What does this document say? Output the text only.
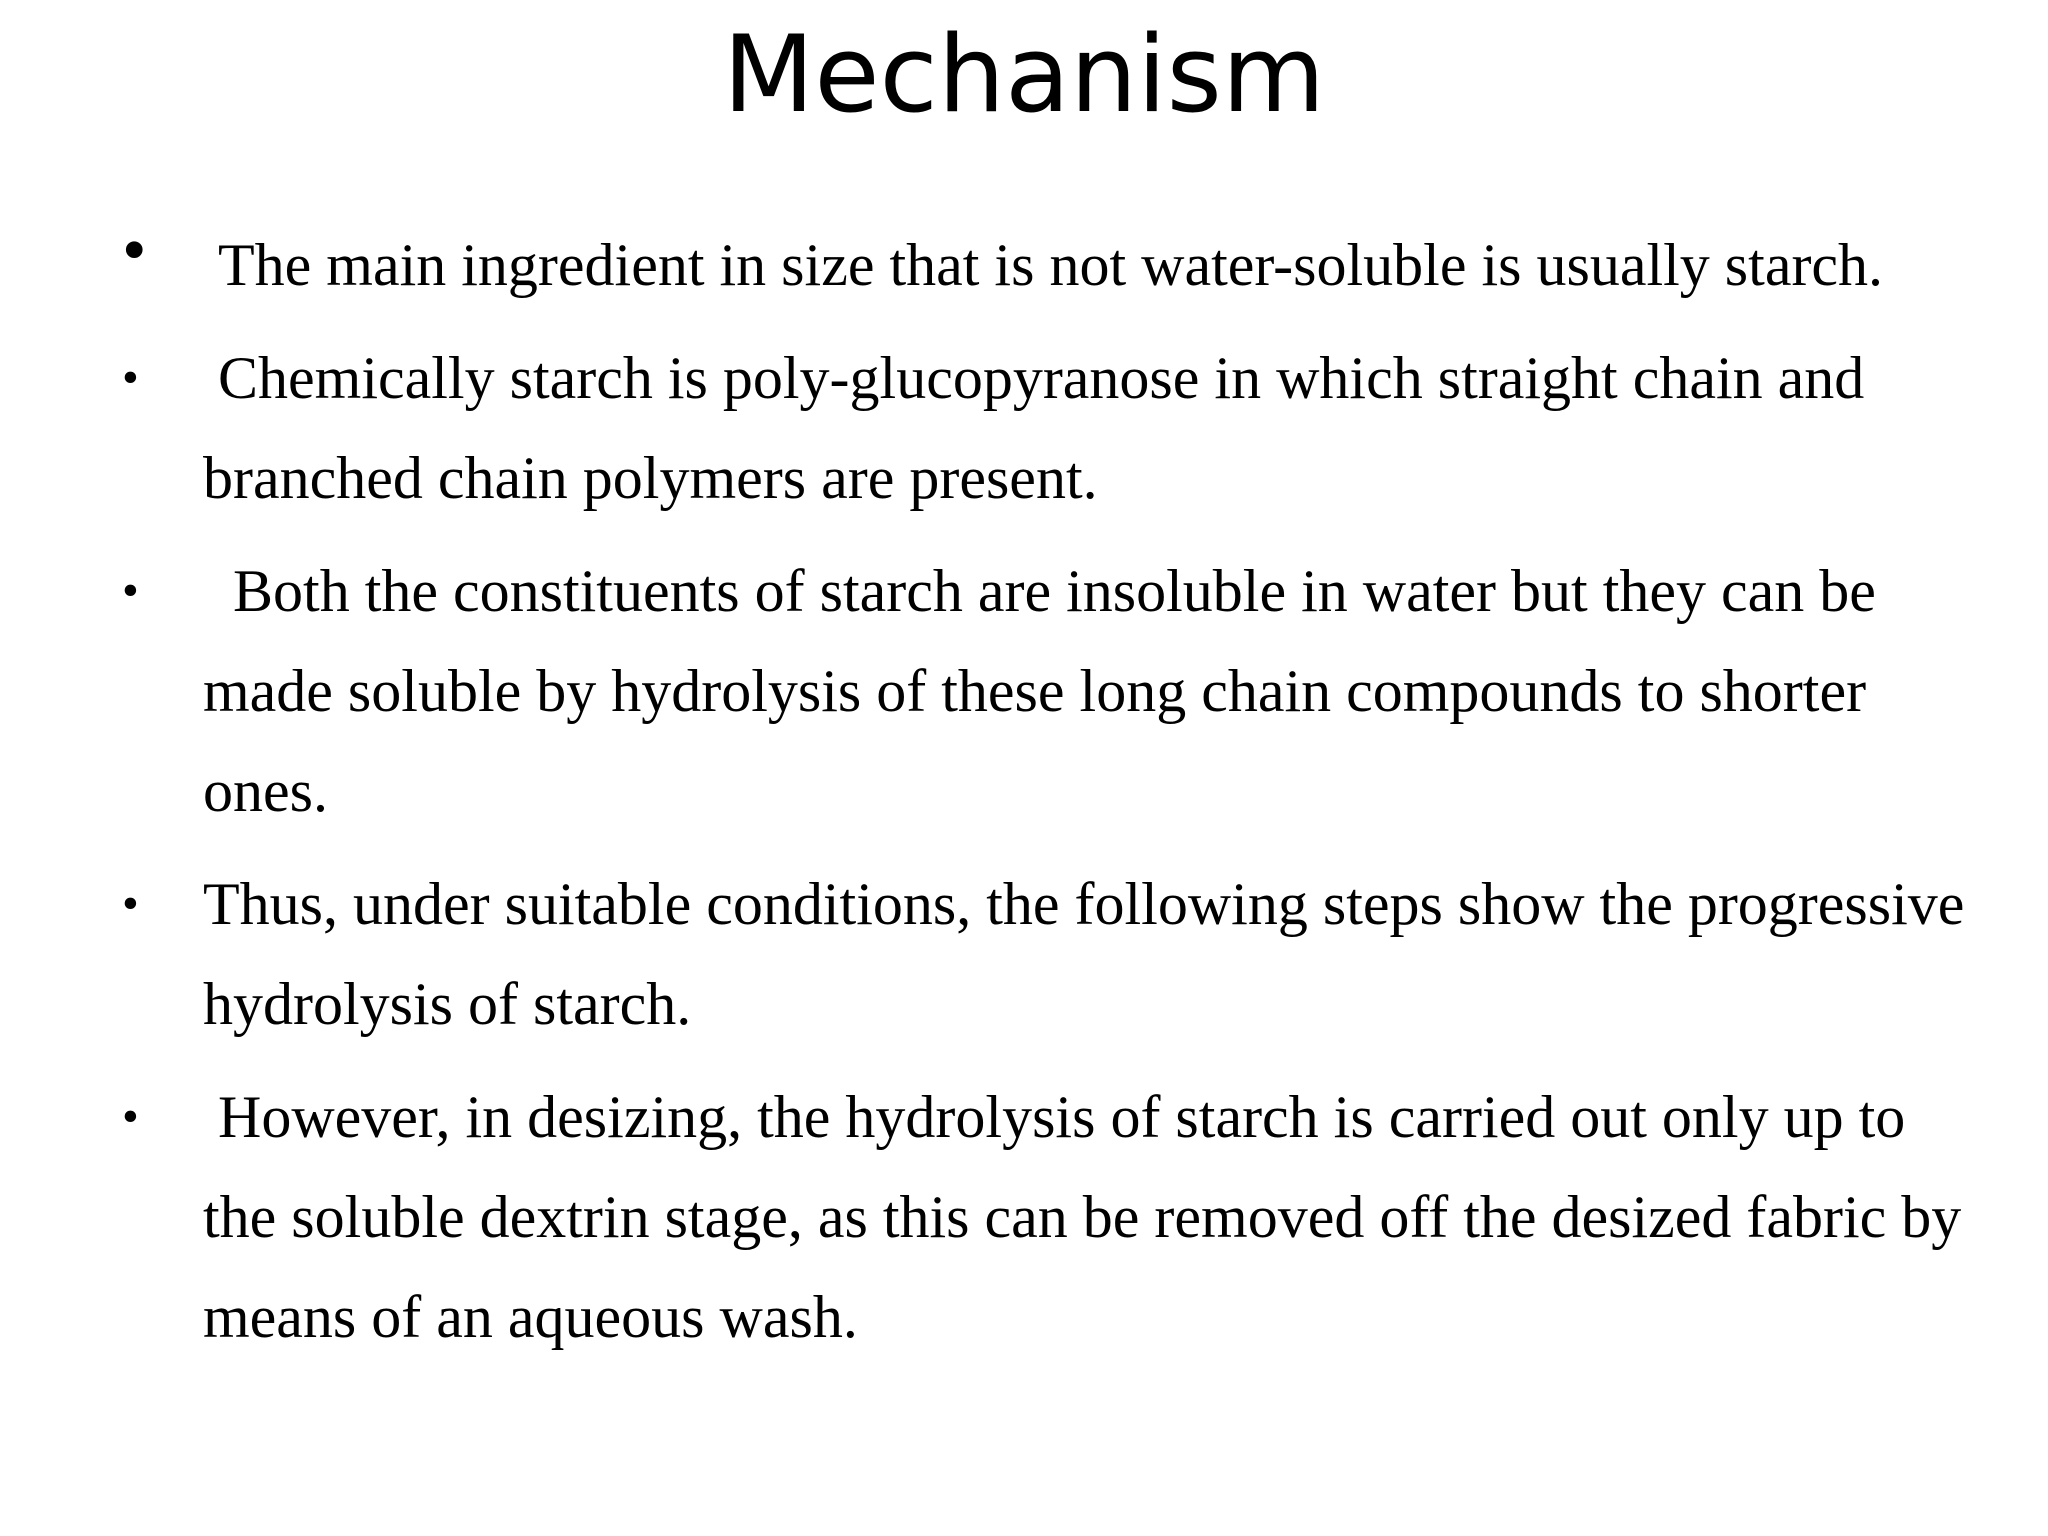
Mechanism
• The main ingredient in size that is not water-soluble is usually starch.
•	Chemically starch is poly-glucopyranose in which straight chain and branched chain polymers are present.
•	Both the constituents of starch are insoluble in water but they can be made soluble by hydrolysis of these long chain compounds to shorter ones.
•	Thus, under suitable conditions, the following steps show the progressive hydrolysis of starch.
•	However, in desizing, the hydrolysis of starch is carried out only up to the soluble dextrin stage, as this can be removed off the desized fabric by means of an aqueous wash.
